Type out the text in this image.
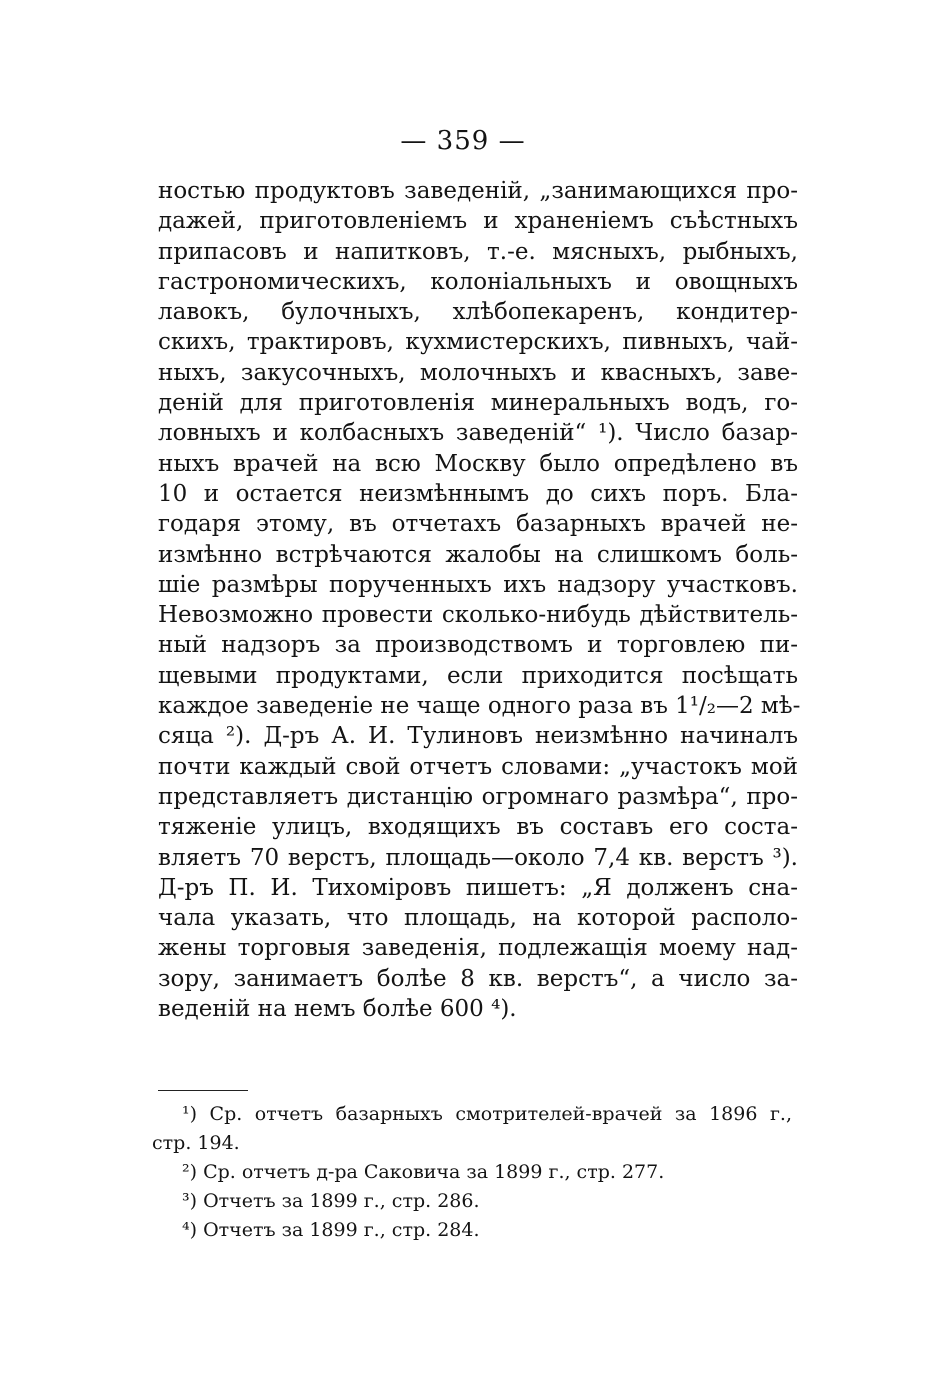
— 359 —
ностью продуктовъ заведеній, „занимающихся про-
дажей, приготовленіемъ и храненіемъ съѣстныхъ
припасовъ и напитковъ, т.-е. мясныхъ, рыбныхъ,
гастрономическихъ, колоніальныхъ и овощныхъ
лавокъ, булочныхъ, хлѣбопекаренъ, кондитер-
скихъ, трактировъ, кухмистерскихъ, пивныхъ, чай-
ныхъ, закусочныхъ, молочныхъ и квасныхъ, заве-
деній для приготовленія минеральныхъ водъ, го-
ловныхъ и колбасныхъ заведеній“ ¹). Число базар-
ныхъ врачей на всю Москву было опредѣлено въ
10 и остается неизмѣннымъ до сихъ поръ. Бла-
годаря этому, въ отчетахъ базарныхъ врачей не-
измѣнно встрѣчаются жалобы на слишкомъ боль-
шіе размѣры порученныхъ ихъ надзору участковъ.
Невозможно провести сколько-нибудь дѣйствитель-
ный надзоръ за производствомъ и торговлею пи-
щевыми продуктами, если приходится посѣщать
каждое заведеніе не чаще одного раза въ 1¹/₂—2 мѣ-
сяца ²). Д-ръ А. И. Тулиновъ неизмѣнно начиналъ
почти каждый свой отчетъ словами: „участокъ мой
представляетъ дистанцію огромнаго размѣра“, про-
тяженіе улицъ, входящихъ въ составъ его соста-
вляетъ 70 верстъ, площадь—около 7,4 кв. верстъ ³).
Д-ръ П. И. Тихоміровъ пишетъ: „Я долженъ сна-
чала указать, что площадь, на которой располо-
жены торговыя заведенія, подлежащія моему над-
зору, занимаетъ болѣе 8 кв. верстъ“, а число за-
веденій на немъ болѣе 600 ⁴).
¹) Ср. отчетъ базарныхъ смотрителей-врачей за 1896 г.,
стр. 194.
²) Ср. отчетъ д-ра Саковича за 1899 г., стр. 277.
³) Отчетъ за 1899 г., стр. 286.
⁴) Отчетъ за 1899 г., стр. 284.
